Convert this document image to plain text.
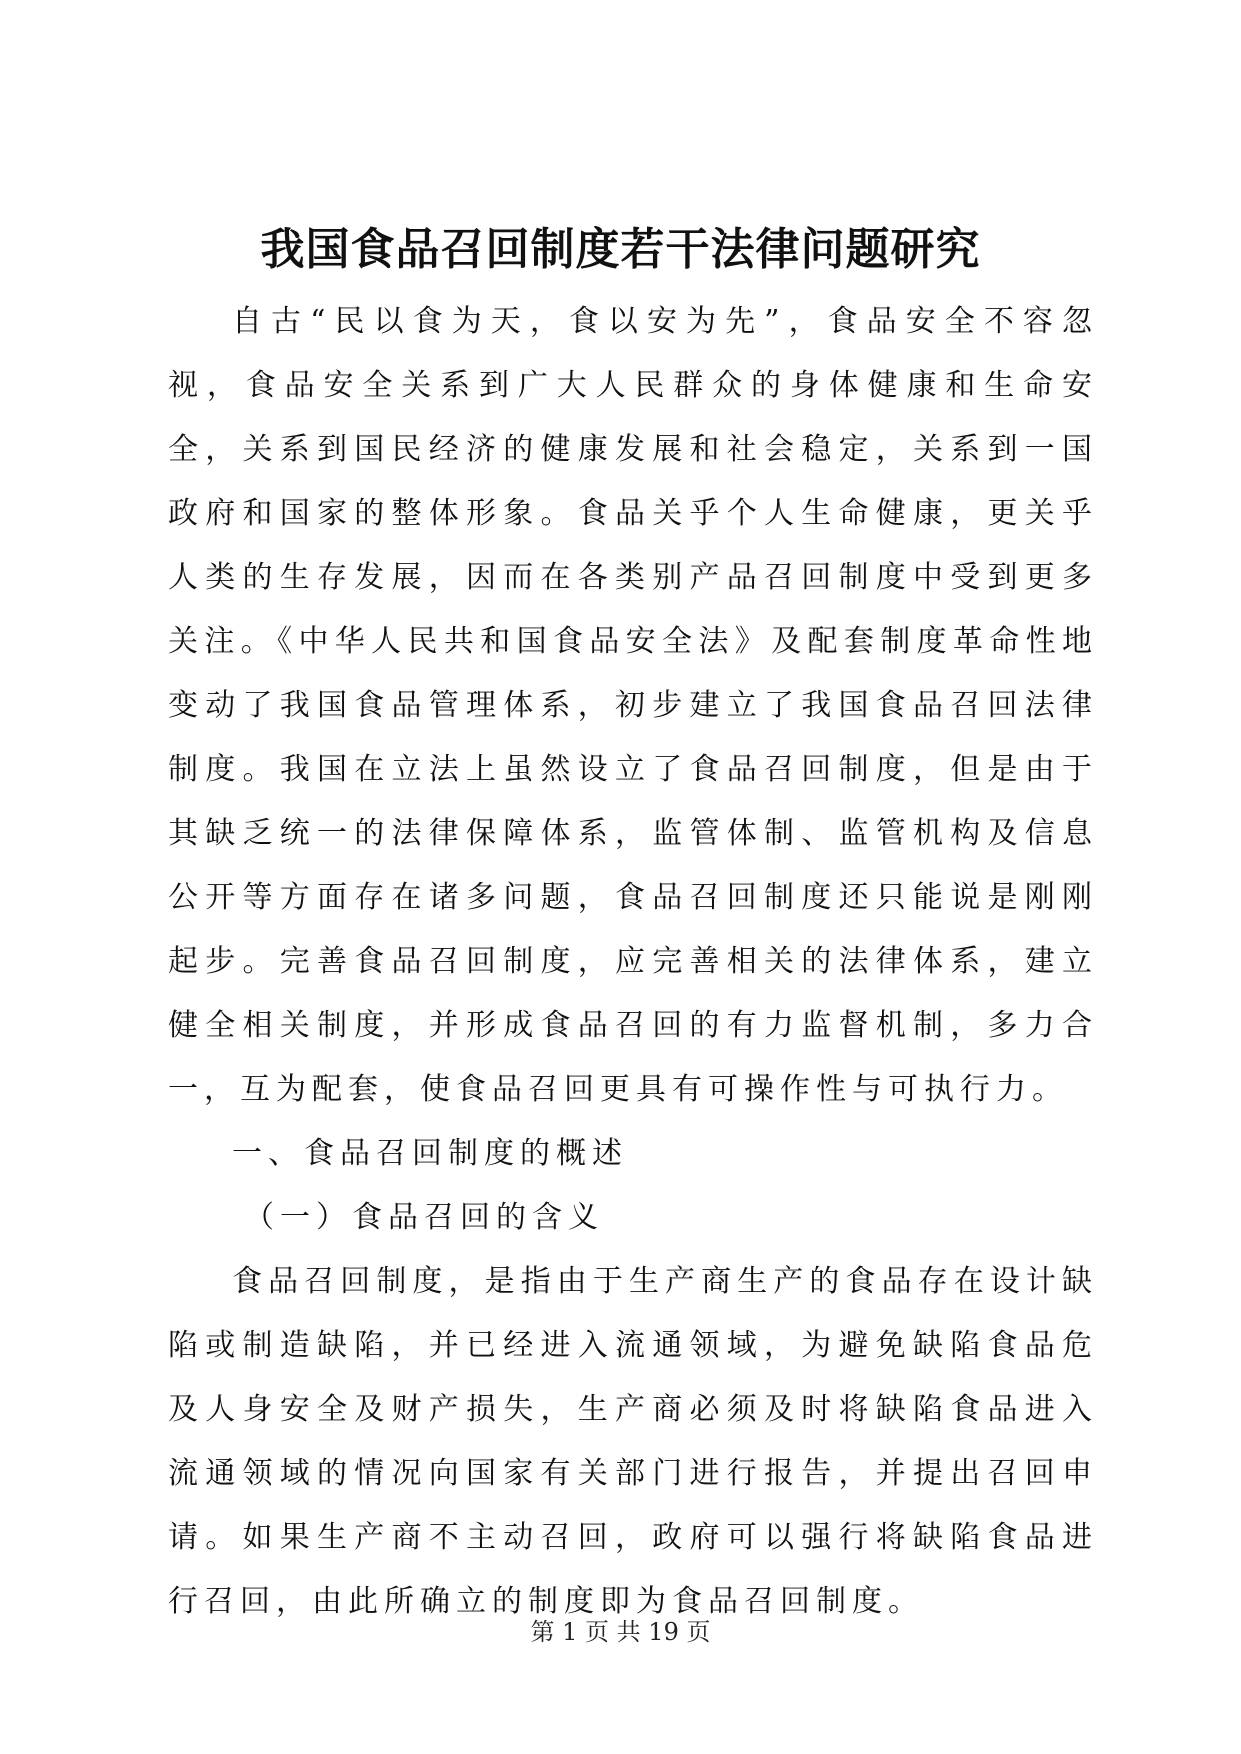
我国食品召回制度若干法律问题研究

自古“民以食为天，食以安为先”，食品安全不容忽视，食品安全关系到广大人民群众的身体健康和生命安全，关系到国民经济的健康发展和社会稳定，关系到一国政府和国家的整体形象。食品关乎个人生命健康，更关乎人类的生存发展，因而在各类别产品召回制度中受到更多关注。《中华人民共和国食品安全法》及配套制度革命性地变动了我国食品管理体系，初步建立了我国食品召回法律制度。我国在立法上虽然设立了食品召回制度，但是由于其缺乏统一的法律保障体系，监管体制、监管机构及信息公开等方面存在诸多问题，食品召回制度还只能说是刚刚起步。完善食品召回制度，应完善相关的法律体系，建立健全相关制度，并形成食品召回的有力监督机制，多力合一，互为配套，使食品召回更具有可操作性与可执行力。

一、食品召回制度的概述

（一）食品召回的含义

食品召回制度，是指由于生产商生产的食品存在设计缺陷或制造缺陷，并已经进入流通领域，为避免缺陷食品危及人身安全及财产损失，生产商必须及时将缺陷食品进入流通领域的情况向国家有关部门进行报告，并提出召回申请。如果生产商不主动召回，政府可以强行将缺陷食品进行召回，由此所确立的制度即为食品召回制度。

第 1 页 共 19 页
